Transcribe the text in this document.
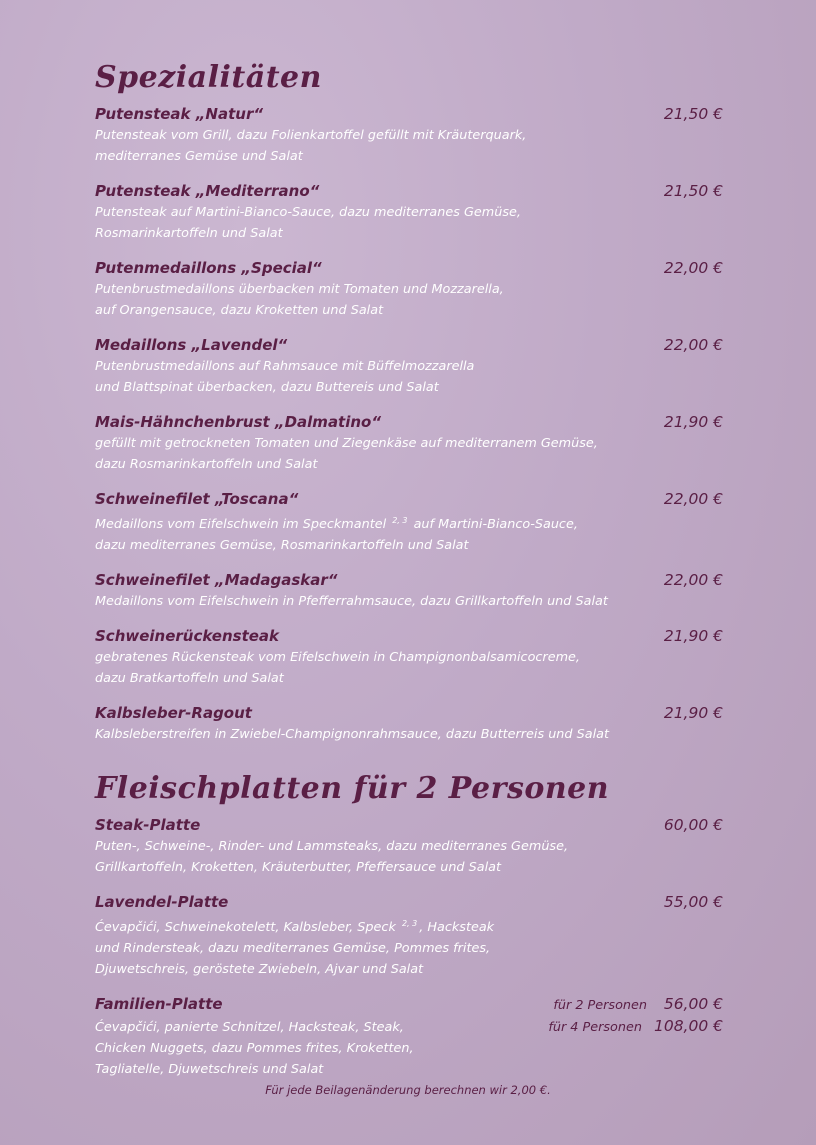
Spezialitäten
Putensteak „Natur“	21,50 €
Putensteak vom Grill, dazu Folienkartoffel gefüllt mit Kräuterquark,
mediterranes Gemüse und Salat
Putensteak „Mediterrano“	21,50 €
Putensteak auf Martini-Bianco-Sauce, dazu mediterranes Gemüse,
Rosmarinkartoffeln und Salat
Putenmedaillons „Special“	22,00 €
Putenbrustmedaillons überbacken mit Tomaten und Mozzarella,
auf Orangensauce, dazu Kroketten und Salat
Medaillons „Lavendel“	22,00 €
Putenbrustmedaillons auf Rahmsauce mit Büffelmozzarella
und Blattspinat überbacken, dazu Buttereis und Salat
Mais-Hähnchenbrust „Dalmatino“	21,90 €
gefüllt mit getrockneten Tomaten und Ziegenkäse auf mediterranem Gemüse,
dazu Rosmarinkartoffeln und Salat
Schweinefilet „Toscana“	22,00 €
Medaillons vom Eifelschwein im Speckmantel $^{2, 3}$ auf Martini-Bianco-Sauce,
dazu mediterranes Gemüse, Rosmarinkartoffeln und Salat
Schweinefilet „Madagaskar“	22,00 €
Medaillons vom Eifelschwein in Pfefferrahmsauce, dazu Grillkartoffeln und Salat
Schweinerückensteak	21,90 €
gebratenes Rückensteak vom Eifelschwein in Champignonbalsamicocreme,
dazu Bratkartoffeln und Salat
Kalbsleber-Ragout	21,90 €
Kalbsleberstreifen in Zwiebel-Champignonrahmsauce, dazu Butterreis und Salat
Fleischplatten für 2 Personen
Steak-Platte	60,00 €
Puten-, Schweine-, Rinder- und Lammsteaks, dazu mediterranes Gemüse,
Grillkartoffeln, Kroketten, Kräuterbutter, Pfeffersauce und Salat
Lavendel-Platte	55,00 €
Ćevapčići, Schweinekotelett, Kalbsleber, Speck $^{2, 3}$ , Hacksteak
und Rindersteak, dazu mediterranes Gemüse, Pommes frites,
Djuwetschreis, geröstete Zwiebeln, Ajvar und Salat
Familien-Platte	für 2 Personen	56,00 €
Ćevapčići, panierte Schnitzel, Hacksteak, Steak,
Chicken Nuggets, dazu Pommes frites, Kroketten,
Tagliatelle, Djuwetschreis und Salat
für 4 Personen 108,00 €
Für jede Beilagenänderung berechnen wir 2,00 €.
